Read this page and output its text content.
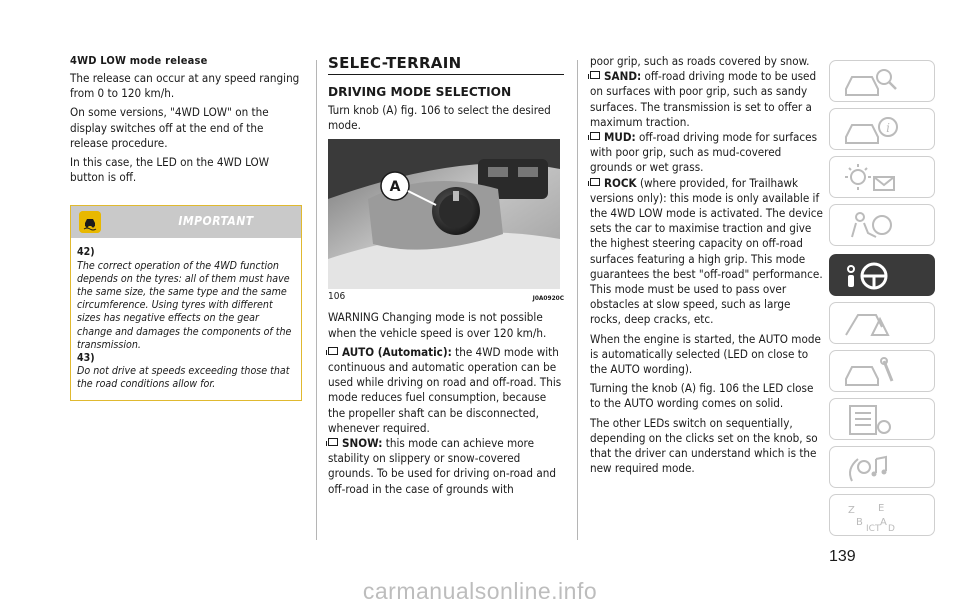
4WD LOW mode release

The release can occur at any speed ranging from 0 to 120 km/h.

On some versions, "4WD LOW" on the display switches off at the end of the release procedure.

In this case, the LED on the 4WD LOW button is off.

IMPORTANT
42)
The correct operation of the 4WD function depends on the tyres: all of them must have the same size, the same type and the same circumference. Using tyres with different sizes has negative effects on the gear change and damages the components of the transmission.
43)
Do not drive at speeds exceeding those that the road conditions allow for.
SELEC-TERRAIN
DRIVING MODE SELECTION

Turn knob (A) fig. 106 to select the desired mode.

A
106	J0A0920C

WARNING Changing mode is not possible when the vehicle speed is over 120 km/h.

AUTO (Automatic): the 4WD mode with continuous and automatic operation can be used while driving on road and off-road. This mode reduces fuel consumption, because the propeller shaft can be disconnected, whenever required.
SNOW: this mode can achieve more stability on slippery or snow-covered grounds. To be used for driving on-road and off-road in the case of grounds with
poor grip, such as roads covered by snow.
SAND: off-road driving mode to be used on surfaces with poor grip, such as sandy surfaces. The transmission is set to offer a maximum traction.
MUD: off-road driving mode for surfaces with poor grip, such as mud-covered grounds or wet grass.
ROCK (where provided, for Trailhawk versions only): this mode is only available if the 4WD LOW mode is activated. The device sets the car to maximise traction and give the highest steering capacity on off-road surfaces featuring a high grip. This mode guarantees the best "off-road" performance. This mode must be used to pass over obstacles at slow speed, such as large rocks, deep cracks, etc.

When the engine is started, the AUTO mode is automatically selected (LED on close to the AUTO wording).

Turning the knob (A) fig. 106 the LED close to the AUTO wording comes on solid.

The other LEDs switch on sequentially, depending on the clicks set on the knob, so that the driver can understand which is the new required mode.

i
Z E
B A
ICT D
139
carmanualsonline.info
